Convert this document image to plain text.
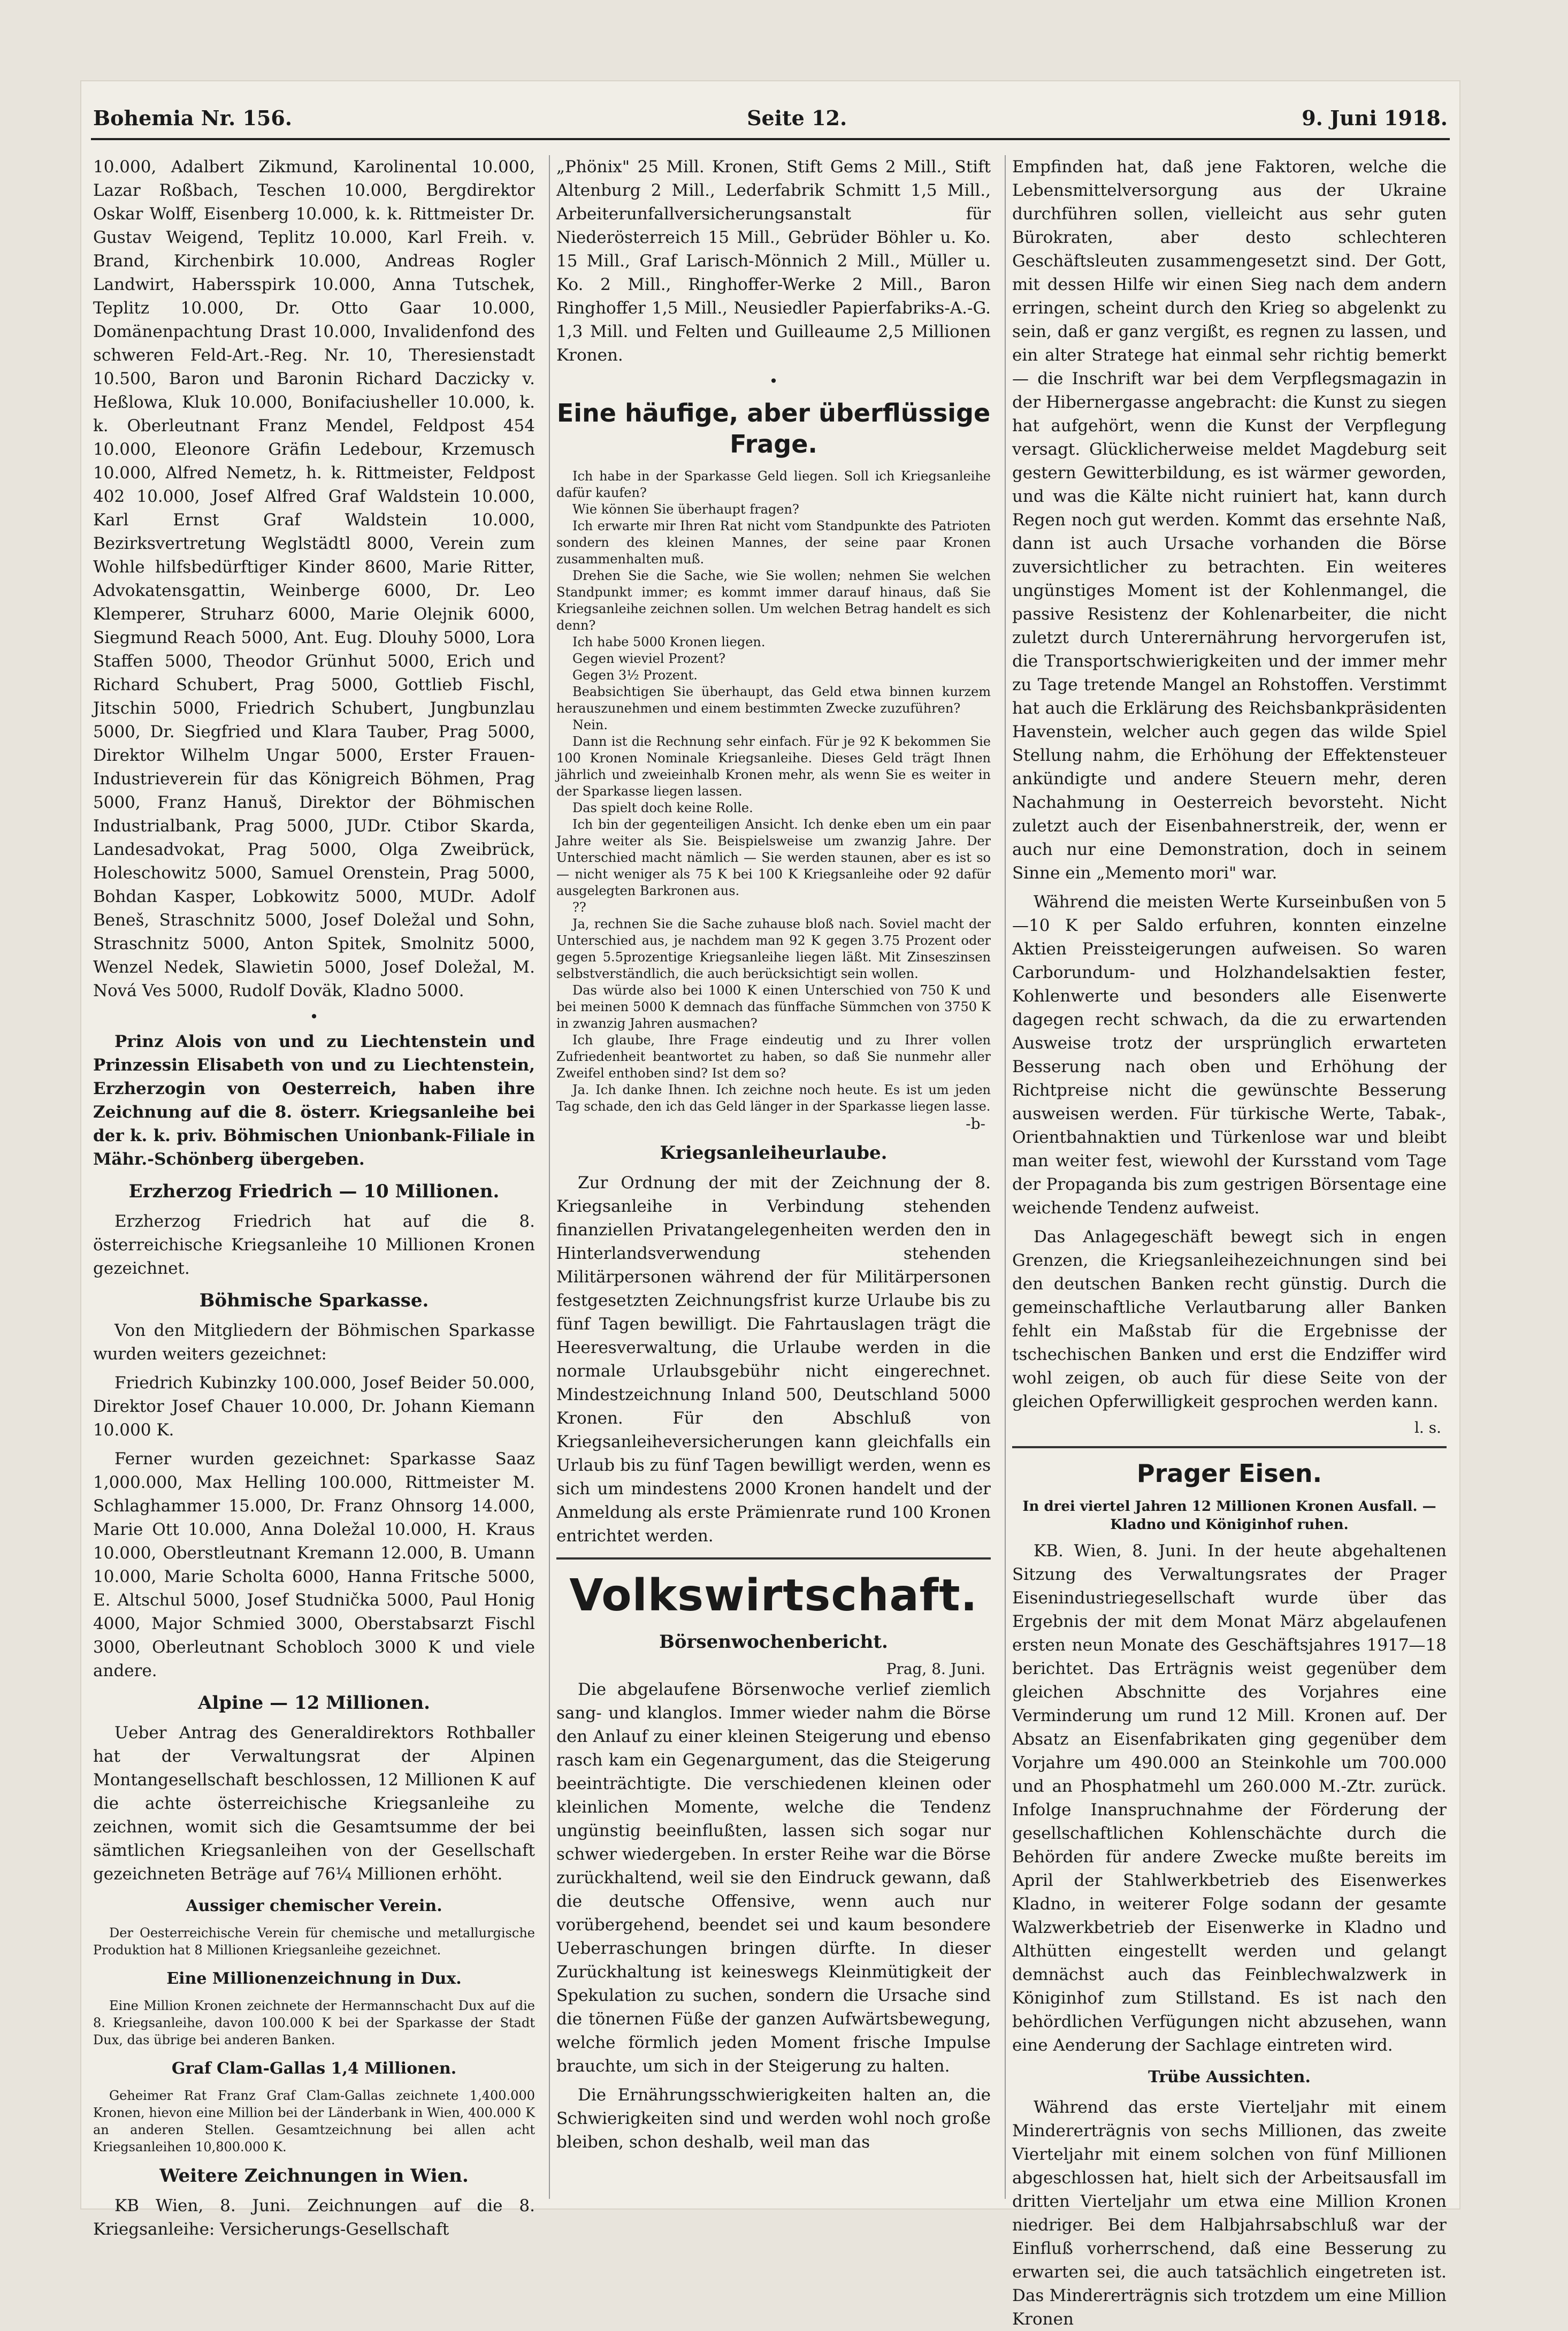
Bohemia Nr. 156.	Seite 12.	9. Juni 1918.

10.000, Adalbert Zikmund, Karolinental 10.000, Lazar Roßbach, Teschen 10.000, Bergdirektor Oskar Wolff, Eisenberg 10.000, k. k. Rittmeister Dr. Gustav Weigend, Teplitz 10.000, Karl Freih. v. Brand, Kirchenbirk 10.000, Andreas Rogler Landwirt, Habersspirk 10.000, Anna Tutschek, Teplitz 10.000, Dr. Otto Gaar 10.000, Domänenpachtung Drast 10.000, Invalidenfond des schweren Feld-Art.-Reg. Nr. 10, Theresienstadt 10.500, Baron und Baronin Richard Daczicky v. Heßlowa, Kluk 10.000, Bonifaciusheller 10.000, k. k. Oberleutnant Franz Mendel, Feldpost 454 10.000, Eleonore Gräfin Ledebour, Krzemusch 10.000, Alfred Nemetz, h. k. Rittmeister, Feldpost 402 10.000, Josef Alfred Graf Waldstein 10.000, Karl Ernst Graf Waldstein 10.000, Bezirksvertretung Weglstädtl 8000, Verein zum Wohle hilfsbedürftiger Kinder 8600, Marie Ritter, Advokatensgattin, Weinberge 6000, Dr. Leo Klemperer, Struharz 6000, Marie Olejnik 6000, Siegmund Reach 5000, Ant. Eug. Dlouhy 5000, Lora Staffen 5000, Theodor Grünhut 5000, Erich und Richard Schubert, Prag 5000, Gottlieb Fischl, Jitschin 5000, Friedrich Schubert, Jungbunzlau 5000, Dr. Siegfried und Klara Tauber, Prag 5000, Direktor Wilhelm Ungar 5000, Erster Frauen-Industrieverein für das Königreich Böhmen, Prag 5000, Franz Hanuš, Direktor der Böhmischen Industrialbank, Prag 5000, JUDr. Ctibor Skarda, Landesadvokat, Prag 5000, Olga Zweibrück, Holeschowitz 5000, Samuel Orenstein, Prag 5000, Bohdan Kasper, Lobkowitz 5000, MUDr. Adolf Beneš, Straschnitz 5000, Josef Doležal und Sohn, Straschnitz 5000, Anton Spitek, Smolnitz 5000, Wenzel Nedek, Slawietin 5000, Josef Doležal, M. Nová Ves 5000, Rudolf Doväk, Kladno 5000.

•

Prinz Alois von und zu Liechtenstein und Prinzessin Elisabeth von und zu Liechtenstein, Erzherzogin von Oesterreich, haben ihre Zeichnung auf die 8. österr. Kriegsanleihe bei der k. k. priv. Böhmischen Unionbank-Filiale in Mähr.-Schönberg übergeben.

Erzherzog Friedrich — 10 Millionen.

Erzherzog Friedrich hat auf die 8. österreichische Kriegsanleihe 10 Millionen Kronen gezeichnet.

Böhmische Sparkasse.

Von den Mitgliedern der Böhmischen Sparkasse wurden weiters gezeichnet:

Friedrich Kubinzky 100.000, Josef Beider 50.000, Direktor Josef Chauer 10.000, Dr. Johann Kiemann 10.000 K.

Ferner wurden gezeichnet: Sparkasse Saaz 1,000.000, Max Helling 100.000, Rittmeister M. Schlaghammer 15.000, Dr. Franz Ohnsorg 14.000, Marie Ott 10.000, Anna Doležal 10.000, H. Kraus 10.000, Oberstleutnant Kremann 12.000, B. Umann 10.000, Marie Scholta 6000, Hanna Fritsche 5000, E. Altschul 5000, Josef Studnička 5000, Paul Honig 4000, Major Schmied 3000, Oberstabsarzt Fischl 3000, Oberleutnant Schobloch 3000 K und viele andere.

Alpine — 12 Millionen.

Ueber Antrag des Generaldirektors Rothballer hat der Verwaltungsrat der Alpinen Montangesellschaft beschlossen, 12 Millionen K auf die achte österreichische Kriegsanleihe zu zeichnen, womit sich die Gesamtsumme der bei sämtlichen Kriegsanleihen von der Gesellschaft gezeichneten Beträge auf 76¼ Millionen erhöht.

Aussiger chemischer Verein.

Der Oesterreichische Verein für chemische und metallurgische Produktion hat 8 Millionen Kriegsanleihe gezeichnet.

Eine Millionenzeichnung in Dux.

Eine Million Kronen zeichnete der Hermannschacht Dux auf die 8. Kriegsanleihe, davon 100.000 K bei der Sparkasse der Stadt Dux, das übrige bei anderen Banken.

Graf Clam-Gallas 1,4 Millionen.

Geheimer Rat Franz Graf Clam-Gallas zeichnete 1,400.000 Kronen, hievon eine Million bei der Länderbank in Wien, 400.000 K an anderen Stellen. Gesamtzeichnung bei allen acht Kriegsanleihen 10,800.000 K.

Weitere Zeichnungen in Wien.

KB Wien, 8. Juni. Zeichnungen auf die 8. Kriegsanleihe: Versicherungs-Gesellschaft

„Phönix" 25 Mill. Kronen, Stift Gems 2 Mill., Stift Altenburg 2 Mill., Lederfabrik Schmitt 1,5 Mill., Arbeiterunfallversicherungsanstalt für Niederösterreich 15 Mill., Gebrüder Böhler u. Ko. 15 Mill., Graf Larisch-Mönnich 2 Mill., Müller u. Ko. 2 Mill., Ringhoffer-Werke 2 Mill., Baron Ringhoffer 1,5 Mill., Neusiedler Papierfabriks-A.-G. 1,3 Mill. und Felten und Guilleaume 2,5 Millionen Kronen.

•
Eine häufige, aber überflüssige Frage.

Ich habe in der Sparkasse Geld liegen. Soll ich Kriegsanleihe dafür kaufen?

Wie können Sie überhaupt fragen?

Ich erwarte mir Ihren Rat nicht vom Standpunkte des Patrioten sondern des kleinen Mannes, der seine paar Kronen zusammenhalten muß.

Drehen Sie die Sache, wie Sie wollen; nehmen Sie welchen Standpunkt immer; es kommt immer darauf hinaus, daß Sie Kriegsanleihe zeichnen sollen. Um welchen Betrag handelt es sich denn?

Ich habe 5000 Kronen liegen.

Gegen wieviel Prozent?

Gegen 3½ Prozent.

Beabsichtigen Sie überhaupt, das Geld etwa binnen kurzem herauszunehmen und einem bestimmten Zwecke zuzuführen?

Nein.

Dann ist die Rechnung sehr einfach. Für je 92 K bekommen Sie 100 Kronen Nominale Kriegsanleihe. Dieses Geld trägt Ihnen jährlich und zweieinhalb Kronen mehr, als wenn Sie es weiter in der Sparkasse liegen lassen.

Das spielt doch keine Rolle.

Ich bin der gegenteiligen Ansicht. Ich denke eben um ein paar Jahre weiter als Sie. Beispielsweise um zwanzig Jahre. Der Unterschied macht nämlich — Sie werden staunen, aber es ist so — nicht weniger als 75 K bei 100 K Kriegsanleihe oder 92 dafür ausgelegten Barkronen aus.

??

Ja, rechnen Sie die Sache zuhause bloß nach. Soviel macht der Unterschied aus, je nachdem man 92 K gegen 3.75 Prozent oder gegen 5.5prozentige Kriegsanleihe liegen läßt. Mit Zinseszinsen selbstverständlich, die auch berücksichtigt sein wollen.

Das würde also bei 1000 K einen Unterschied von 750 K und bei meinen 5000 K demnach das fünffache Sümmchen von 3750 K in zwanzig Jahren ausmachen?

Ich glaube, Ihre Frage eindeutig und zu Ihrer vollen Zufriedenheit beantwortet zu haben, so daß Sie nunmehr aller Zweifel enthoben sind? Ist dem so?

Ja. Ich danke Ihnen. Ich zeichne noch heute. Es ist um jeden Tag schade, den ich das Geld länger in der Sparkasse liegen lasse.

-b-
Kriegsanleiheurlaube.

Zur Ordnung der mit der Zeichnung der 8. Kriegsanleihe in Verbindung stehenden finanziellen Privatangelegenheiten werden den in Hinterlandsverwendung stehenden Militärpersonen während der für Militärpersonen festgesetzten Zeichnungsfrist kurze Urlaube bis zu fünf Tagen bewilligt. Die Fahrtauslagen trägt die Heeresverwaltung, die Urlaube werden in die normale Urlaubsgebühr nicht eingerechnet. Mindestzeichnung Inland 500, Deutschland 5000 Kronen. Für den Abschluß von Kriegsanleiheversicherungen kann gleichfalls ein Urlaub bis zu fünf Tagen bewilligt werden, wenn es sich um mindestens 2000 Kronen handelt und der Anmeldung als erste Prämienrate rund 100 Kronen entrichtet werden.

Volkswirtschaft.
Börsenwochenbericht.
Prag, 8. Juni.

Die abgelaufene Börsenwoche verlief ziemlich sang- und klanglos. Immer wieder nahm die Börse den Anlauf zu einer kleinen Steigerung und ebenso rasch kam ein Gegenargument, das die Steigerung beeinträchtigte. Die verschiedenen kleinen oder kleinlichen Momente, welche die Tendenz ungünstig beeinflußten, lassen sich sogar nur schwer wiedergeben. In erster Reihe war die Börse zurückhaltend, weil sie den Eindruck gewann, daß die deutsche Offensive, wenn auch nur vorübergehend, beendet sei und kaum besondere Ueberraschungen bringen dürfte. In dieser Zurückhaltung ist keineswegs Kleinmütigkeit der Spekulation zu suchen, sondern die Ursache sind die tönernen Füße der ganzen Aufwärtsbewegung, welche förmlich jeden Moment frische Impulse brauchte, um sich in der Steigerung zu halten.

Die Ernährungsschwierigkeiten halten an, die Schwierigkeiten sind und werden wohl noch große bleiben, schon deshalb, weil man das

Empfinden hat, daß jene Faktoren, welche die Lebensmittelversorgung aus der Ukraine durchführen sollen, vielleicht aus sehr guten Bürokraten, aber desto schlechteren Geschäftsleuten zusammengesetzt sind. Der Gott, mit dessen Hilfe wir einen Sieg nach dem andern erringen, scheint durch den Krieg so abgelenkt zu sein, daß er ganz vergißt, es regnen zu lassen, und ein alter Stratege hat einmal sehr richtig bemerkt — die Inschrift war bei dem Verpflegsmagazin in der Hibernergasse angebracht: die Kunst zu siegen hat aufgehört, wenn die Kunst der Verpflegung versagt. Glücklicherweise meldet Magdeburg seit gestern Gewitterbildung, es ist wärmer geworden, und was die Kälte nicht ruiniert hat, kann durch Regen noch gut werden. Kommt das ersehnte Naß, dann ist auch Ursache vorhanden die Börse zuversichtlicher zu betrachten. Ein weiteres ungünstiges Moment ist der Kohlenmangel, die passive Resistenz der Kohlenarbeiter, die nicht zuletzt durch Unterernährung hervorgerufen ist, die Transportschwierigkeiten und der immer mehr zu Tage tretende Mangel an Rohstoffen. Verstimmt hat auch die Erklärung des Reichsbankpräsidenten Havenstein, welcher auch gegen das wilde Spiel Stellung nahm, die Erhöhung der Effektensteuer ankündigte und andere Steuern mehr, deren Nachahmung in Oesterreich bevorsteht. Nicht zuletzt auch der Eisenbahnerstreik, der, wenn er auch nur eine Demonstration, doch in seinem Sinne ein „Memento mori" war.

Während die meisten Werte Kurseinbußen von 5—10 K per Saldo erfuhren, konnten einzelne Aktien Preissteigerungen aufweisen. So waren Carborundum- und Holzhandelsaktien fester, Kohlenwerte und besonders alle Eisenwerte dagegen recht schwach, da die zu erwartenden Ausweise trotz der ursprünglich erwarteten Besserung nach oben und Erhöhung der Richtpreise nicht die gewünschte Besserung ausweisen werden. Für türkische Werte, Tabak-, Orientbahnaktien und Türkenlose war und bleibt man weiter fest, wiewohl der Kursstand vom Tage der Propaganda bis zum gestrigen Börsentage eine weichende Tendenz aufweist.

Das Anlagegeschäft bewegt sich in engen Grenzen, die Kriegsanleihezeichnungen sind bei den deutschen Banken recht günstig. Durch die gemeinschaftliche Verlautbarung aller Banken fehlt ein Maßstab für die Ergebnisse der tschechischen Banken und erst die Endziffer wird wohl zeigen, ob auch für diese Seite von der gleichen Opferwilligkeit gesprochen werden kann.

l. s.
Prager Eisen.
In drei viertel Jahren 12 Millionen Kronen Ausfall. — Kladno und Königinhof ruhen.

KB. Wien, 8. Juni. In der heute abgehaltenen Sitzung des Verwaltungsrates der Prager Eisenindustriegesellschaft wurde über das Ergebnis der mit dem Monat März abgelaufenen ersten neun Monate des Geschäftsjahres 1917—18 berichtet. Das Erträgnis weist gegenüber dem gleichen Abschnitte des Vorjahres eine Verminderung um rund 12 Mill. Kronen auf. Der Absatz an Eisenfabrikaten ging gegenüber dem Vorjahre um 490.000 an Steinkohle um 700.000 und an Phosphatmehl um 260.000 M.-Ztr. zurück. Infolge Inanspruchnahme der Förderung der gesellschaftlichen Kohlenschächte durch die Behörden für andere Zwecke mußte bereits im April der Stahlwerkbetrieb des Eisenwerkes Kladno, in weiterer Folge sodann der gesamte Walzwerkbetrieb der Eisenwerke in Kladno und Althütten eingestellt werden und gelangt demnächst auch das Feinblechwalzwerk in Königinhof zum Stillstand. Es ist nach den behördlichen Verfügungen nicht abzusehen, wann eine Aenderung der Sachlage eintreten wird.

Trübe Aussichten.

Während das erste Vierteljahr mit einem Mindererträgnis von sechs Millionen, das zweite Vierteljahr mit einem solchen von fünf Millionen abgeschlossen hat, hielt sich der Arbeitsausfall im dritten Vierteljahr um etwa eine Million Kronen niedriger. Bei dem Halbjahrsabschluß war der Einfluß vorherrschend, daß eine Besserung zu erwarten sei, die auch tatsächlich eingetreten ist. Das Mindererträgnis sich trotzdem um eine Million Kronen
